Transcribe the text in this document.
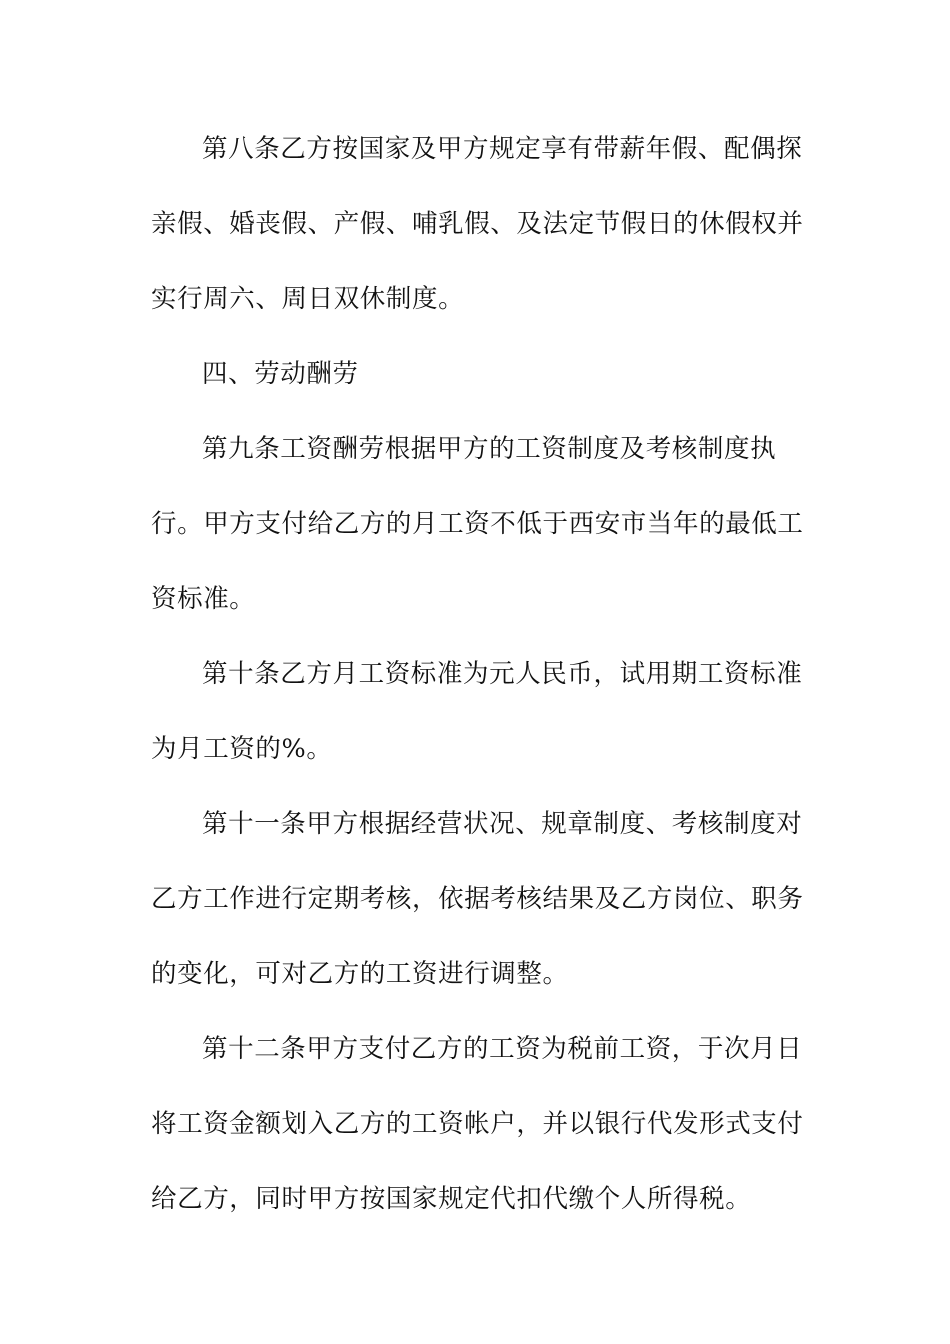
第八条乙方按国家及甲方规定享有带薪年假、配偶探
亲假、婚丧假、产假、哺乳假、及法定节假日的休假权并
实行周六、周日双休制度。
四、劳动酬劳
第九条工资酬劳根据甲方的工资制度及考核制度执
行。甲方支付给乙方的月工资不低于西安市当年的最低工
资标准。
第十条乙方月工资标准为元人民币，试用期工资标准
为月工资的%。
第十一条甲方根据经营状况、规章制度、考核制度对
乙方工作进行定期考核，依据考核结果及乙方岗位、职务
的变化，可对乙方的工资进行调整。
第十二条甲方支付乙方的工资为税前工资，于次月日
将工资金额划入乙方的工资帐户，并以银行代发形式支付
给乙方，同时甲方按国家规定代扣代缴个人所得税。
